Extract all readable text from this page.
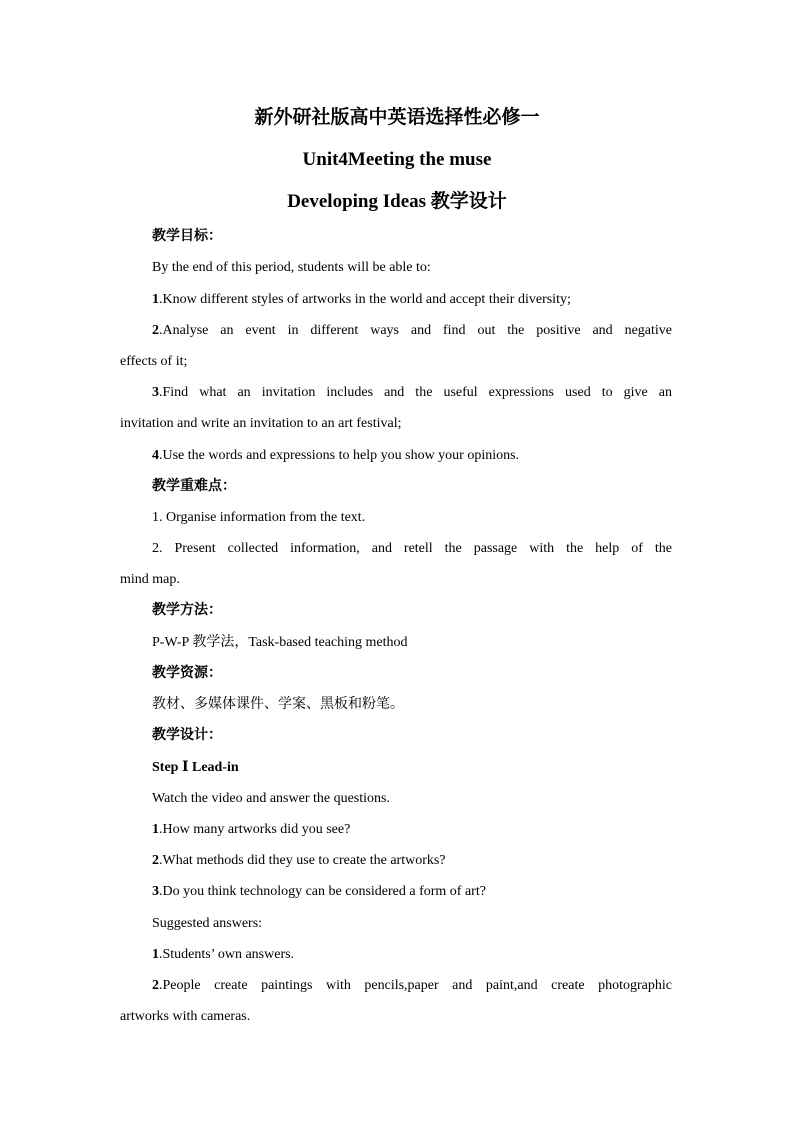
新外研社版高中英语选择性必修一
Unit4Meeting the muse
Developing Ideas 教学设计
教学目标：
By the end of this period, students will be able to:
1.Know different styles of artworks in the world and accept their diversity;
2.Analyse an event in different ways and find out the positive and negative
effects of it;
3.Find what an invitation includes and the useful expressions used to give an
invitation and write an invitation to an art festival;
4.Use the words and expressions to help you show your opinions.
教学重难点：
1. Organise information from the text.
2. Present collected information, and retell the passage with the help of the
mind map.
教学方法：
P-W-P 教学法，Task-based teaching method
教学资源：
教材、多媒体课件、学案、黑板和粉笔。
教学设计：
Step Ⅰ Lead-in
Watch the video and answer the questions.
1.How many artworks did you see?
2.What methods did they use to create the artworks?
3.Do you think technology can be considered a form of art?
Suggested answers:
1.Students’ own answers.
2.People create paintings with pencils,paper and paint,and create photographic
artworks with cameras.
